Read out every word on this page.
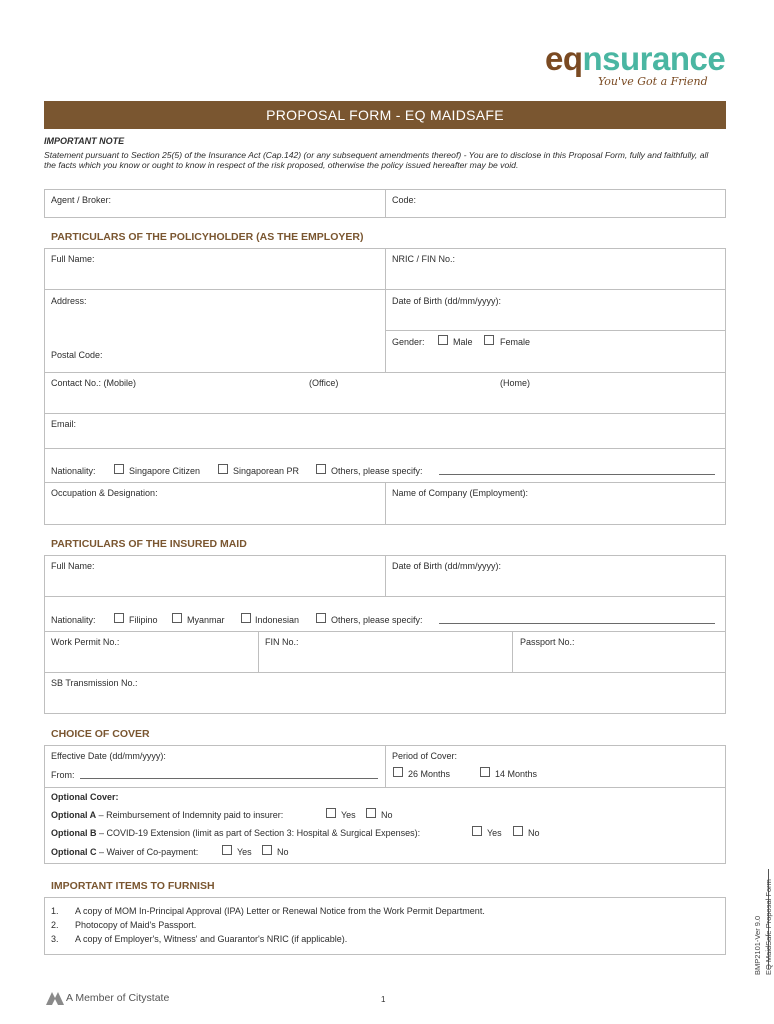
eqnsurance
You've Got a Friend
PROPOSAL FORM - EQ MAIDSAFE
IMPORTANT NOTE
Statement pursuant to Section 25(5) of the Insurance Act (Cap.142) (or any subsequent amendments thereof) - You are to disclose in this Proposal Form, fully and faithfully, all the facts which you know or ought to know in respect of the risk proposed, otherwise the policy issued hereafter may be void.
Agent / Broker:	Code:
PARTICULARS OF THE POLICYHOLDER (AS THE EMPLOYER)
Full Name:	NRIC / FIN No.:
Address:	Date of Birth (dd/mm/yyyy):
Gender:	Male	Female
Postal Code:
Contact No.: (Mobile)	(Office)	(Home)
Email:
Nationality:	Singapore Citizen	Singaporean PR	Others, please specify:
Occupation & Designation:	Name of Company (Employment):
PARTICULARS OF THE INSURED MAID
Full Name:	Date of Birth (dd/mm/yyyy):
Nationality:	Filipino	Myanmar	Indonesian	Others, please specify:
Work Permit No.:	FIN No.:	Passport No.:
SB Transmission No.:
CHOICE OF COVER
Effective Date (dd/mm/yyyy):
From:
Period of Cover:
26 Months	14 Months
Optional Cover:
Optional A – Reimbursement of Indemnity paid to insurer:	Yes	No
Optional B – COVID-19 Extension (limit as part of Section 3: Hospital & Surgical Expenses):	Yes	No
Optional C – Waiver of Co-payment:	Yes	No
IMPORTANT ITEMS TO FURNISH
1. A copy of MOM In-Principal Approval (IPA) Letter or Renewal Notice from the Work Permit Department.
2. Photocopy of Maid's Passport.
3. A copy of Employer's, Witness' and Guarantor's NRIC (if applicable).	BMP2101-Ver 9.0 EQ MaidSafe Proposal Form
A Member of Citystate	1
